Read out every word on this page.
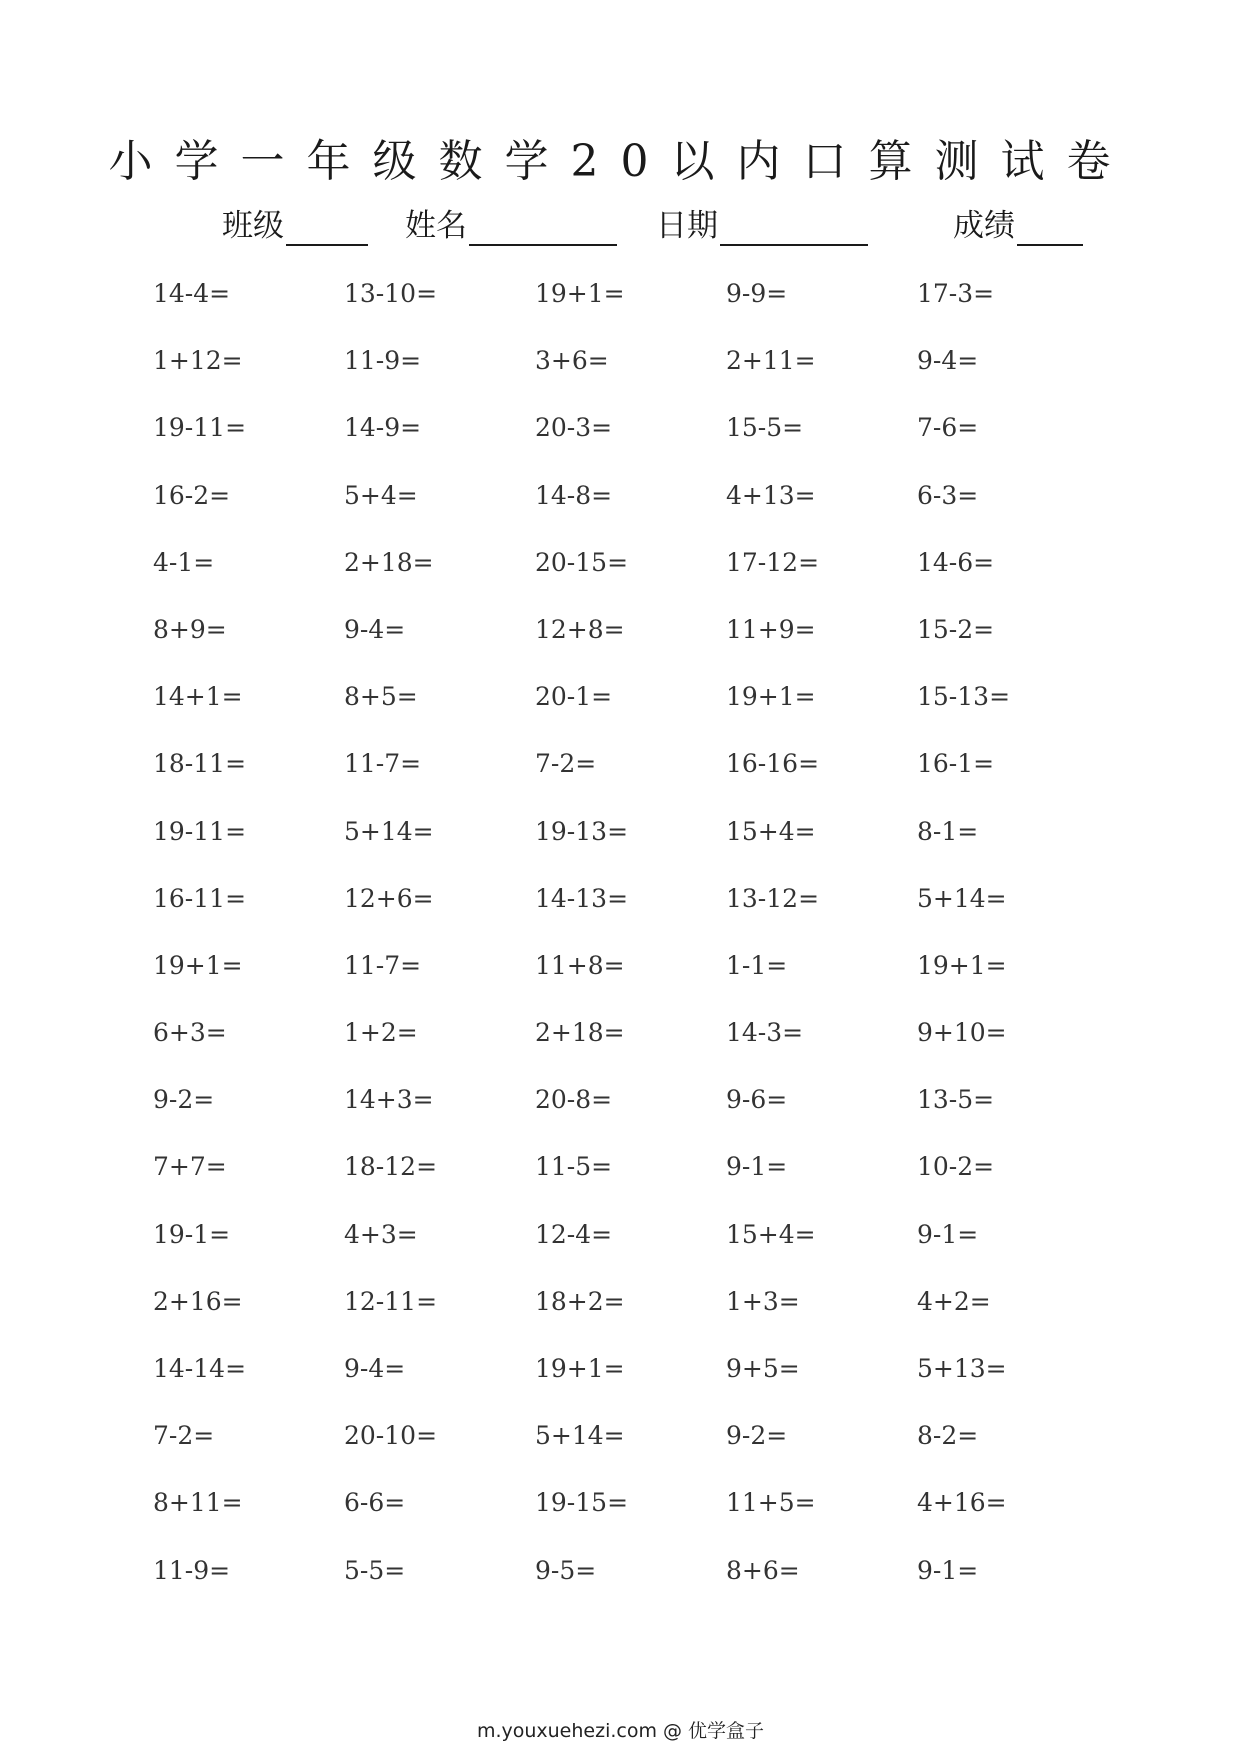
小学一年级数学20以内口算测试卷
班级	姓名	日期	成绩
14-4=	13-10=	19+1=	9-9=	17-3=
1+12=	11-9=	3+6=	2+11=	9-4=
19-11=	14-9=	20-3=	15-5=	7-6=
16-2=	5+4=	14-8=	4+13=	6-3=
4-1=	2+18=	20-15=	17-12=	14-6=
8+9=	9-4=	12+8=	11+9=	15-2=
14+1=	8+5=	20-1=	19+1=	15-13=
18-11=	11-7=	7-2=	16-16=	16-1=
19-11=	5+14=	19-13=	15+4=	8-1=
16-11=	12+6=	14-13=	13-12=	5+14=
19+1=	11-7=	11+8=	1-1=	19+1=
6+3=	1+2=	2+18=	14-3=	9+10=
9-2=	14+3=	20-8=	9-6=	13-5=
7+7=	18-12=	11-5=	9-1=	10-2=
19-1=	4+3=	12-4=	15+4=	9-1=
2+16=	12-11=	18+2=	1+3=	4+2=
14-14=	9-4=	19+1=	9+5=	5+13=
7-2=	20-10=	5+14=	9-2=	8-2=
8+11=	6-6=	19-15=	11+5=	4+16=
11-9=	5-5=	9-5=	8+6=	9-1=
m.youxuehezi.com @ 优学盒子
